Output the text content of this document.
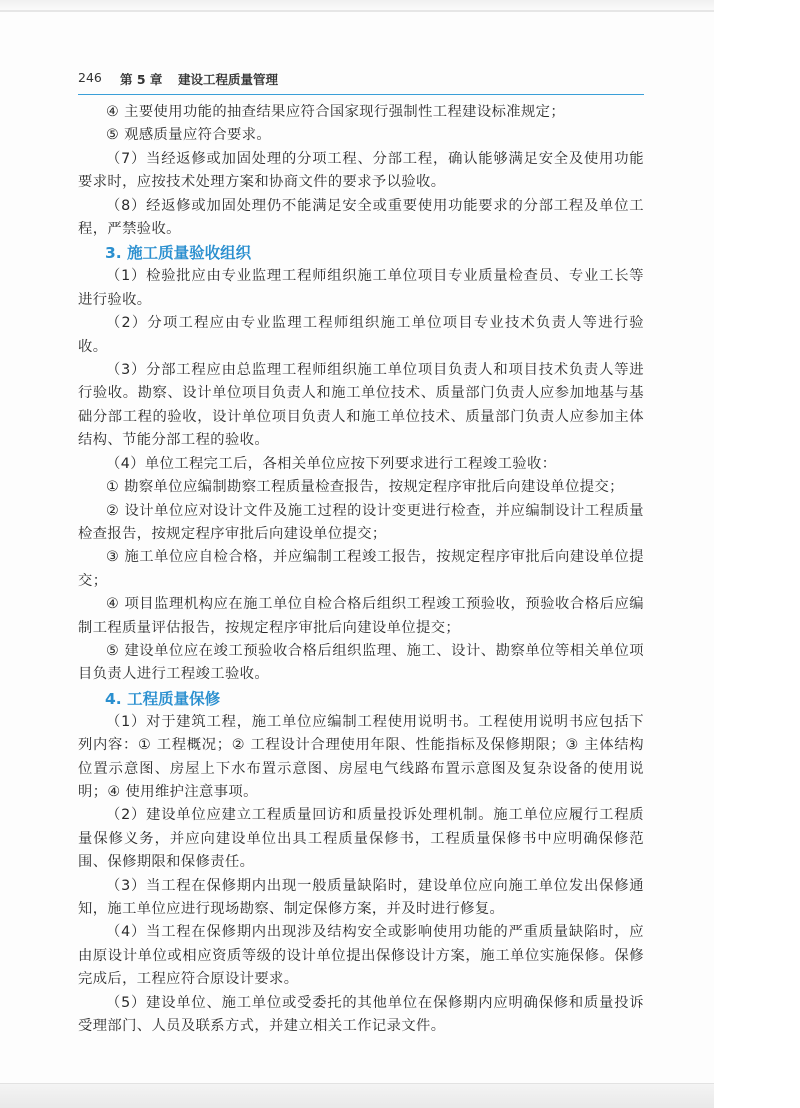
246 第 5 章 建设工程质量管理

④ 主要使用功能的抽查结果应符合国家现行强制性工程建设标准规定；

⑤ 观感质量应符合要求。

（7）当经返修或加固处理的分项工程、分部工程，确认能够满足安全及使用功能要求时，应按技术处理方案和协商文件的要求予以验收。

（8）经返修或加固处理仍不能满足安全或重要使用功能要求的分部工程及单位工程，严禁验收。

3. 施工质量验收组织

（1）检验批应由专业监理工程师组织施工单位项目专业质量检查员、专业工长等进行验收。

（2）分项工程应由专业监理工程师组织施工单位项目专业技术负责人等进行验收。

（3）分部工程应由总监理工程师组织施工单位项目负责人和项目技术负责人等进行验收。勘察、设计单位项目负责人和施工单位技术、质量部门负责人应参加地基与基础分部工程的验收，设计单位项目负责人和施工单位技术、质量部门负责人应参加主体结构、节能分部工程的验收。

（4）单位工程完工后，各相关单位应按下列要求进行工程竣工验收：

① 勘察单位应编制勘察工程质量检查报告，按规定程序审批后向建设单位提交；

② 设计单位应对设计文件及施工过程的设计变更进行检查，并应编制设计工程质量检查报告，按规定程序审批后向建设单位提交；

③ 施工单位应自检合格，并应编制工程竣工报告，按规定程序审批后向建设单位提交；

④ 项目监理机构应在施工单位自检合格后组织工程竣工预验收，预验收合格后应编制工程质量评估报告，按规定程序审批后向建设单位提交；

⑤ 建设单位应在竣工预验收合格后组织监理、施工、设计、勘察单位等相关单位项目负责人进行工程竣工验收。

4. 工程质量保修

（1）对于建筑工程，施工单位应编制工程使用说明书。工程使用说明书应包括下列内容：① 工程概况；② 工程设计合理使用年限、性能指标及保修期限；③ 主体结构位置示意图、房屋上下水布置示意图、房屋电气线路布置示意图及复杂设备的使用说明；④ 使用维护注意事项。

（2）建设单位应建立工程质量回访和质量投诉处理机制。施工单位应履行工程质量保修义务，并应向建设单位出具工程质量保修书，工程质量保修书中应明确保修范围、保修期限和保修责任。

（3）当工程在保修期内出现一般质量缺陷时，建设单位应向施工单位发出保修通知，施工单位应进行现场勘察、制定保修方案，并及时进行修复。

（4）当工程在保修期内出现涉及结构安全或影响使用功能的严重质量缺陷时，应由原设计单位或相应资质等级的设计单位提出保修设计方案，施工单位实施保修。保修完成后，工程应符合原设计要求。

（5）建设单位、施工单位或受委托的其他单位在保修期内应明确保修和质量投诉受理部门、人员及联系方式，并建立相关工作记录文件。
